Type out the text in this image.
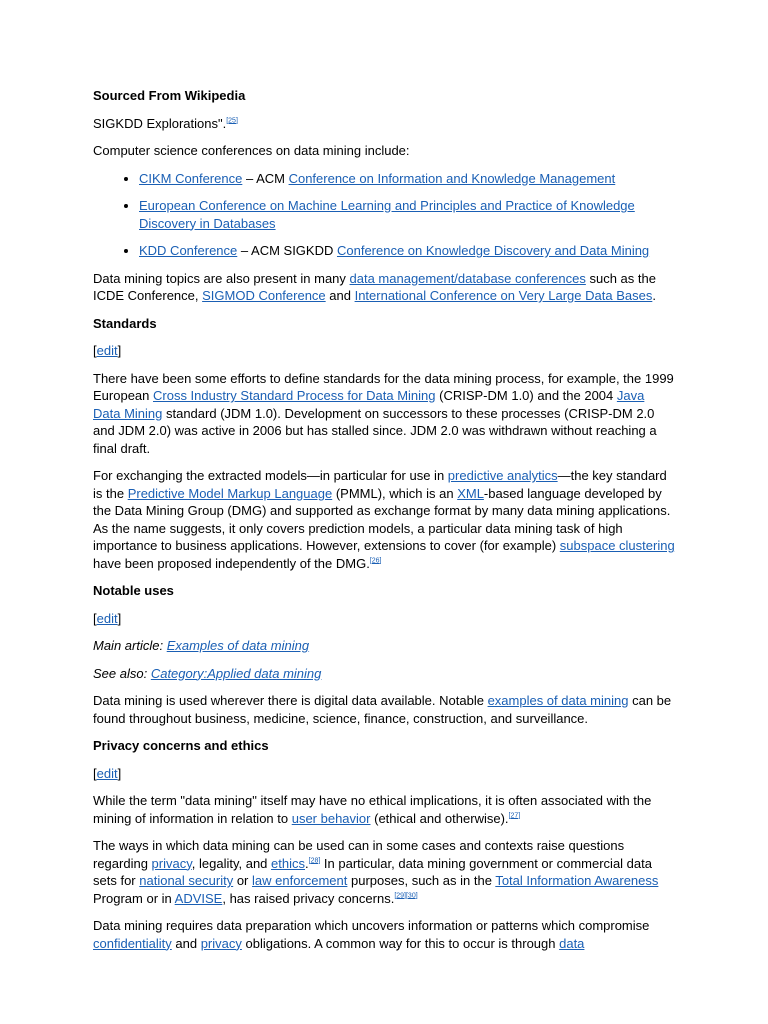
Sourced From Wikipedia

SIGKDD Explorations".[25]

Computer science conferences on data mining include:

• CIKM Conference – ACM Conference on Information and Knowledge Management
• European Conference on Machine Learning and Principles and Practice of Knowledge Discovery in Databases
• KDD Conference – ACM SIGKDD Conference on Knowledge Discovery and Data Mining

Data mining topics are also present in many data management/database conferences such as the ICDE Conference, SIGMOD Conference and International Conference on Very Large Data Bases.

Standards

[edit]

There have been some efforts to define standards for the data mining process, for example, the 1999 European Cross Industry Standard Process for Data Mining (CRISP-DM 1.0) and the 2004 Java Data Mining standard (JDM 1.0). Development on successors to these processes (CRISP-DM 2.0 and JDM 2.0) was active in 2006 but has stalled since. JDM 2.0 was withdrawn without reaching a final draft.

For exchanging the extracted models—in particular for use in predictive analytics—the key standard is the Predictive Model Markup Language (PMML), which is an XML-based language developed by the Data Mining Group (DMG) and supported as exchange format by many data mining applications. As the name suggests, it only covers prediction models, a particular data mining task of high importance to business applications. However, extensions to cover (for example) subspace clustering have been proposed independently of the DMG.[26]

Notable uses

[edit]

Main article: Examples of data mining

See also: Category:Applied data mining

Data mining is used wherever there is digital data available. Notable examples of data mining can be found throughout business, medicine, science, finance, construction, and surveillance.

Privacy concerns and ethics

[edit]

While the term "data mining" itself may have no ethical implications, it is often associated with the mining of information in relation to user behavior (ethical and otherwise).[27]

The ways in which data mining can be used can in some cases and contexts raise questions regarding privacy, legality, and ethics.[28] In particular, data mining government or commercial data sets for national security or law enforcement purposes, such as in the Total Information Awareness Program or in ADVISE, has raised privacy concerns.[29][30]

Data mining requires data preparation which uncovers information or patterns which compromise confidentiality and privacy obligations. A common way for this to occur is through data
